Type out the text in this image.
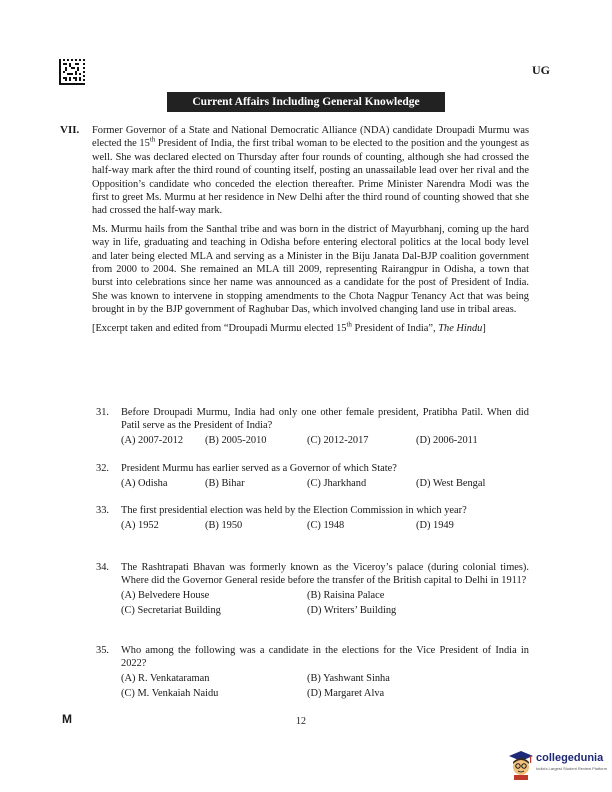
UG
Current Affairs Including General Knowledge
VII. Former Governor of a State and National Democratic Alliance (NDA) candidate Droupadi Murmu was elected the 15th President of India, the first tribal woman to be elected to the position and the youngest as well. She was declared elected on Thursday after four rounds of counting, although she had crossed the half-way mark after the third round of counting itself, posting an unassailable lead over her rival and the Opposition’s candidate who conceded the election thereafter. Prime Minister Narendra Modi was the first to greet Ms. Murmu at her residence in New Delhi after the third round of counting showed that she had crossed the half-way mark.

Ms. Murmu hails from the Santhal tribe and was born in the district of Mayurbhanj, coming up the hard way in life, graduating and teaching in Odisha before entering electoral politics at the local body level and later being elected MLA and serving as a Minister in the Biju Janata Dal-BJP coalition government from 2000 to 2004. She remained an MLA till 2009, representing Rairangpur in Odisha, a town that burst into celebrations since her name was announced as a candidate for the post of President of India. She was known to intervene in stopping amendments to the Chota Nagpur Tenancy Act that was being brought in by the BJP government of Raghubar Das, which involved changing land use in tribal areas.

[Excerpt taken and edited from “Droupadi Murmu elected 15th President of India”, The Hindu]

31. Before Droupadi Murmu, India had only one other female president, Pratibha Patil. When did Patil serve as the President of India?
(A) 2007-2012 (B) 2005-2010	(C) 2012-2017	(D) 2006-2011
32. President Murmu has earlier served as a Governor of which State?
(A) Odisha	(B) Bihar	(C) Jharkhand	(D) West Bengal
33. The first presidential election was held by the Election Commission in which year?
(A) 1952	(B) 1950	(C) 1948	(D) 1949
34. The Rashtrapati Bhavan was formerly known as the Viceroy’s palace (during colonial times). Where did the Governor General reside before the transfer of the British capital to Delhi in 1911?
(A) Belvedere House	(B) Raisina Palace
(C) Secretariat Building	(D) Writers’ Building
35. Who among the following was a candidate in the elections for the Vice President of India in 2022?
(A) R. Venkataraman	(B) Yashwant Sinha
(C) M. Venkaiah Naidu	(D) Margaret Alva
M	12
collegedunia
India's Largest Student Review Platform
